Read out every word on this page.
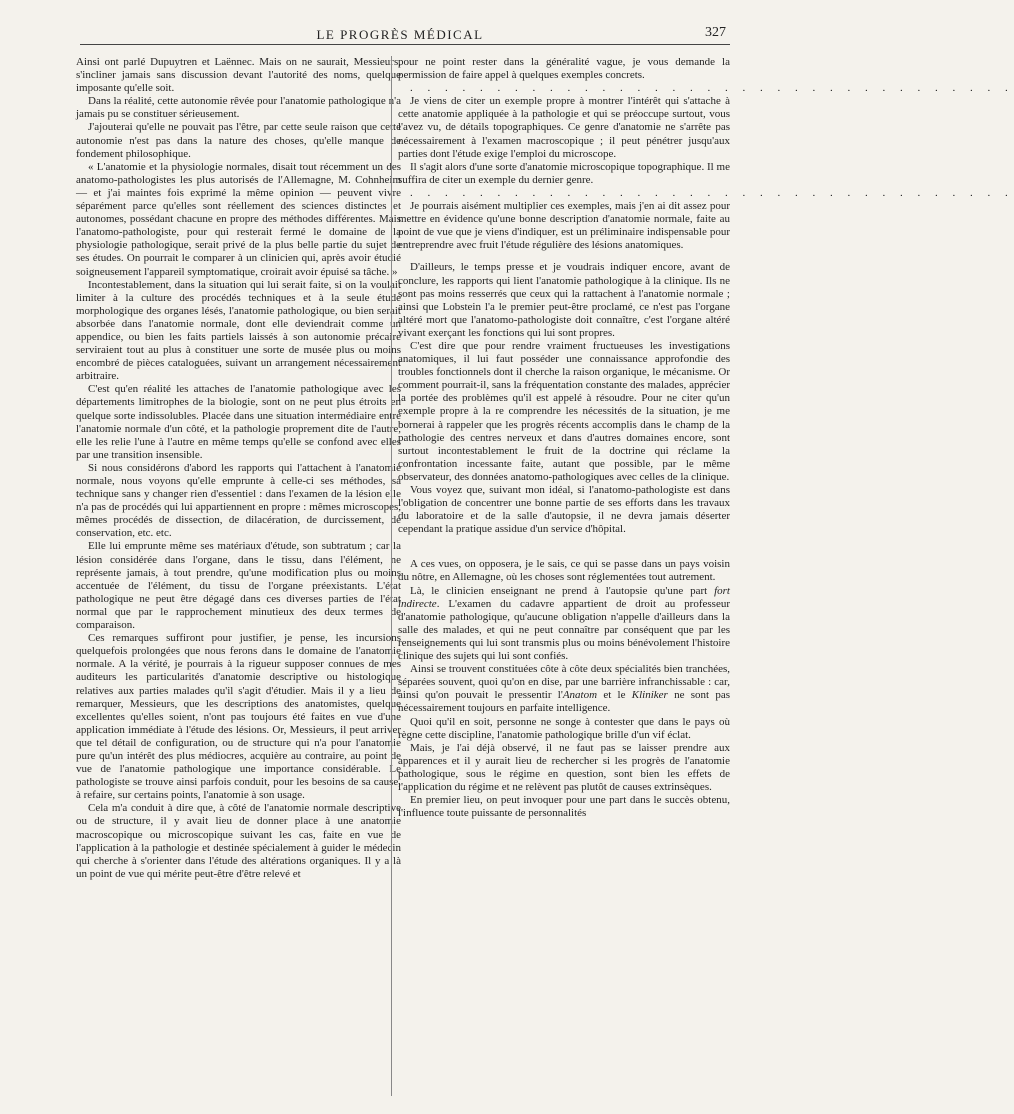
LE PROGRÈS MÉDICAL	327

Ainsi ont parlé Dupuytren et Laënnec. Mais on ne saurait, Messieurs, s'incliner jamais sans discussion devant l'autorité des noms, quelque imposante qu'elle soit.

Dans la réalité, cette autonomie rêvée pour l'anatomie pathologique n'a jamais pu se constituer sérieusement.

J'ajouterai qu'elle ne pouvait pas l'être, par cette seule raison que cette autonomie n'est pas dans la nature des choses, qu'elle manque de fondement philosophique.

« L'anatomie et la physiologie normales, disait tout récemment un des anatomo-pathologistes les plus autorisés de l'Allemagne, M. Cohnheim — et j'ai maintes fois exprimé la même opinion — peuvent vivre séparément parce qu'elles sont réellement des sciences distinctes et autonomes, possédant chacune en propre des méthodes différentes. Mais l'anatomo-pathologiste, pour qui resterait fermé le domaine de la physiologie pathologique, serait privé de la plus belle partie du sujet de ses études. On pourrait le comparer à un clinicien qui, après avoir étudié soigneusement l'appareil symptomatique, croirait avoir épuisé sa tâche. »

Incontestablement, dans la situation qui lui serait faite, si on la voulait limiter à la culture des procédés techniques et à la seule étude morphologique des organes lésés, l'anatomie pathologique, ou bien serait absorbée dans l'anatomie normale, dont elle deviendrait comme un appendice, ou bien les faits partiels laissés à son autonomie précaire serviraient tout au plus à constituer une sorte de musée plus ou moins encombré de pièces cataloguées, suivant un arrangement nécessairement arbitraire.

C'est qu'en réalité les attaches de l'anatomie pathologique avec les départements limitrophes de la biologie, sont on ne peut plus étroits en quelque sorte indissolubles. Placée dans une situation intermédiaire entre l'anatomie normale d'un côté, et la pathologie proprement dite de l'autre, elle les relie l'une à l'autre en même temps qu'elle se confond avec elles par une transition insensible.

Si nous considérons d'abord les rapports qui l'attachent à l'anatomie normale, nous voyons qu'elle emprunte à celle-ci ses méthodes, sa technique sans y changer rien d'essentiel : dans l'examen de la lésion elle n'a pas de procédés qui lui appartiennent en propre : mêmes microscopes, mêmes procédés de dissection, de dilacération, de durcissement, de conservation, etc. etc.

Elle lui emprunte même ses matériaux d'étude, son subtratum ; car la lésion considérée dans l'organe, dans le tissu, dans l'élément, ne représente jamais, à tout prendre, qu'une modification plus ou moins accentuée de l'élément, du tissu de l'organe préexistants. L'état pathologique ne peut être dégagé dans ces diverses parties de l'état normal que par le rapprochement minutieux des deux termes de comparaison.

Ces remarques suffiront pour justifier, je pense, les incursions quelquefois prolongées que nous ferons dans le domaine de l'anatomie normale. A la vérité, je pourrais à la rigueur supposer connues de mes auditeurs les particularités d'anatomie descriptive ou histologique relatives aux parties malades qu'il s'agit d'étudier. Mais il y a lieu de remarquer, Messieurs, que les descriptions des anatomistes, quelque excellentes qu'elles soient, n'ont pas toujours été faites en vue d'une application immédiate à l'étude des lésions. Or, Messieurs, il peut arriver que tel détail de configuration, ou de structure qui n'a pour l'anatomie pure qu'un intérêt des plus médiocres, acquière au contraire, au point de vue de l'anatomie pathologique une importance considérable. Le pathologiste se trouve ainsi parfois conduit, pour les besoins de sa cause, à refaire, sur certains points, l'anatomie à son usage.

Cela m'a conduit à dire que, à côté de l'anatomie normale descriptive ou de structure, il y avait lieu de donner place à une anatomie macroscopique ou microscopique suivant les cas, faite en vue de l'application à la pathologie et destinée spécialement à guider le médecin qui cherche à s'orienter dans l'étude des altérations organiques. Il y a là un point de vue qui mérite peut-être d'être relevé et

pour ne point rester dans la généralité vague, je vous demande la permission de faire appel à quelques exemples concrets.

. . . . . . . . . . . . . . . . . . . . . . . . . . . . . . . . . . .

Je viens de citer un exemple propre à montrer l'intérêt qui s'attache à cette anatomie appliquée à la pathologie et qui se préoccupe surtout, vous l'avez vu, de détails topographiques. Ce genre d'anatomie ne s'arrête pas nécessairement à l'examen macroscopique ; il peut pénétrer jusqu'aux parties dont l'étude exige l'emploi du microscope.

Il s'agit alors d'une sorte d'anatomie microscopique topographique. Il me suffira de citer un exemple du dernier genre.

. . . . . . . . . . . . . . . . . . . . . . . . . . . . . . . . . . .

Je pourrais aisément multiplier ces exemples, mais j'en ai dit assez pour mettre en évidence qu'une bonne description d'anatomie normale, faite au point de vue que je viens d'indiquer, est un préliminaire indispensable pour entreprendre avec fruit l'étude régulière des lésions anatomiques.

D'ailleurs, le temps presse et je voudrais indiquer encore, avant de conclure, les rapports qui lient l'anatomie pathologique à la clinique. Ils ne sont pas moins resserrés que ceux qui la rattachent à l'anatomie normale ; ainsi que Lobstein l'a le premier peut-être proclamé, ce n'est pas l'organe altéré mort que l'anatomo-pathologiste doit connaître, c'est l'organe altéré vivant exerçant les fonctions qui lui sont propres.

C'est dire que pour rendre vraiment fructueuses les investigations anatomiques, il lui faut posséder une connaissance approfondie des troubles fonctionnels dont il cherche la raison organique, le mécanisme. Or comment pourrait-il, sans la fréquentation constante des malades, apprécier la portée des problèmes qu'il est appelé à résoudre. Pour ne citer qu'un exemple propre à la re comprendre les nécessités de la situation, je me bornerai à rappeler que les progrès récents accomplis dans le champ de la pathologie des centres nerveux et dans d'autres domaines encore, sont surtout incontestablement le fruit de la doctrine qui réclame la confrontation incessante faite, autant que possible, par le même observateur, des données anatomo-pathologiques avec celles de la clinique.

Vous voyez que, suivant mon idéal, si l'anatomo-pathologiste est dans l'obligation de concentrer une bonne partie de ses efforts dans les travaux du laboratoire et de la salle d'autopsie, il ne devra jamais déserter cependant la pratique assidue d'un service d'hôpital.

A ces vues, on opposera, je le sais, ce qui se passe dans un pays voisin du nôtre, en Allemagne, où les choses sont réglementées tout autrement.

Là, le clinicien enseignant ne prend à l'autopsie qu'une part fort indirecte. L'examen du cadavre appartient de droit au professeur d'anatomie pathologique, qu'aucune obligation n'appelle d'ailleurs dans la salle des malades, et qui ne peut connaître par conséquent que par les renseignements qui lui sont transmis plus ou moins bénévolement l'histoire clinique des sujets qui lui sont confiés.

Ainsi se trouvent constituées côte à côte deux spécialités bien tranchées, séparées souvent, quoi qu'on en dise, par une barrière infranchissable : car, ainsi qu'on pouvait le pressentir l'Anatom et le Kliniker ne sont pas nécessairement toujours en parfaite intelligence.

Quoi qu'il en soit, personne ne songe à contester que dans le pays où règne cette discipline, l'anatomie pathologique brille d'un vif éclat.

Mais, je l'ai déjà observé, il ne faut pas se laisser prendre aux apparences et il y aurait lieu de rechercher si les progrès de l'anatomie pathologique, sous le régime en question, sont bien les effets de l'application du régime et ne relèvent pas plutôt de causes extrinsèques.

En premier lieu, on peut invoquer pour une part dans le succès obtenu, l'influence toute puissante de personnalités
